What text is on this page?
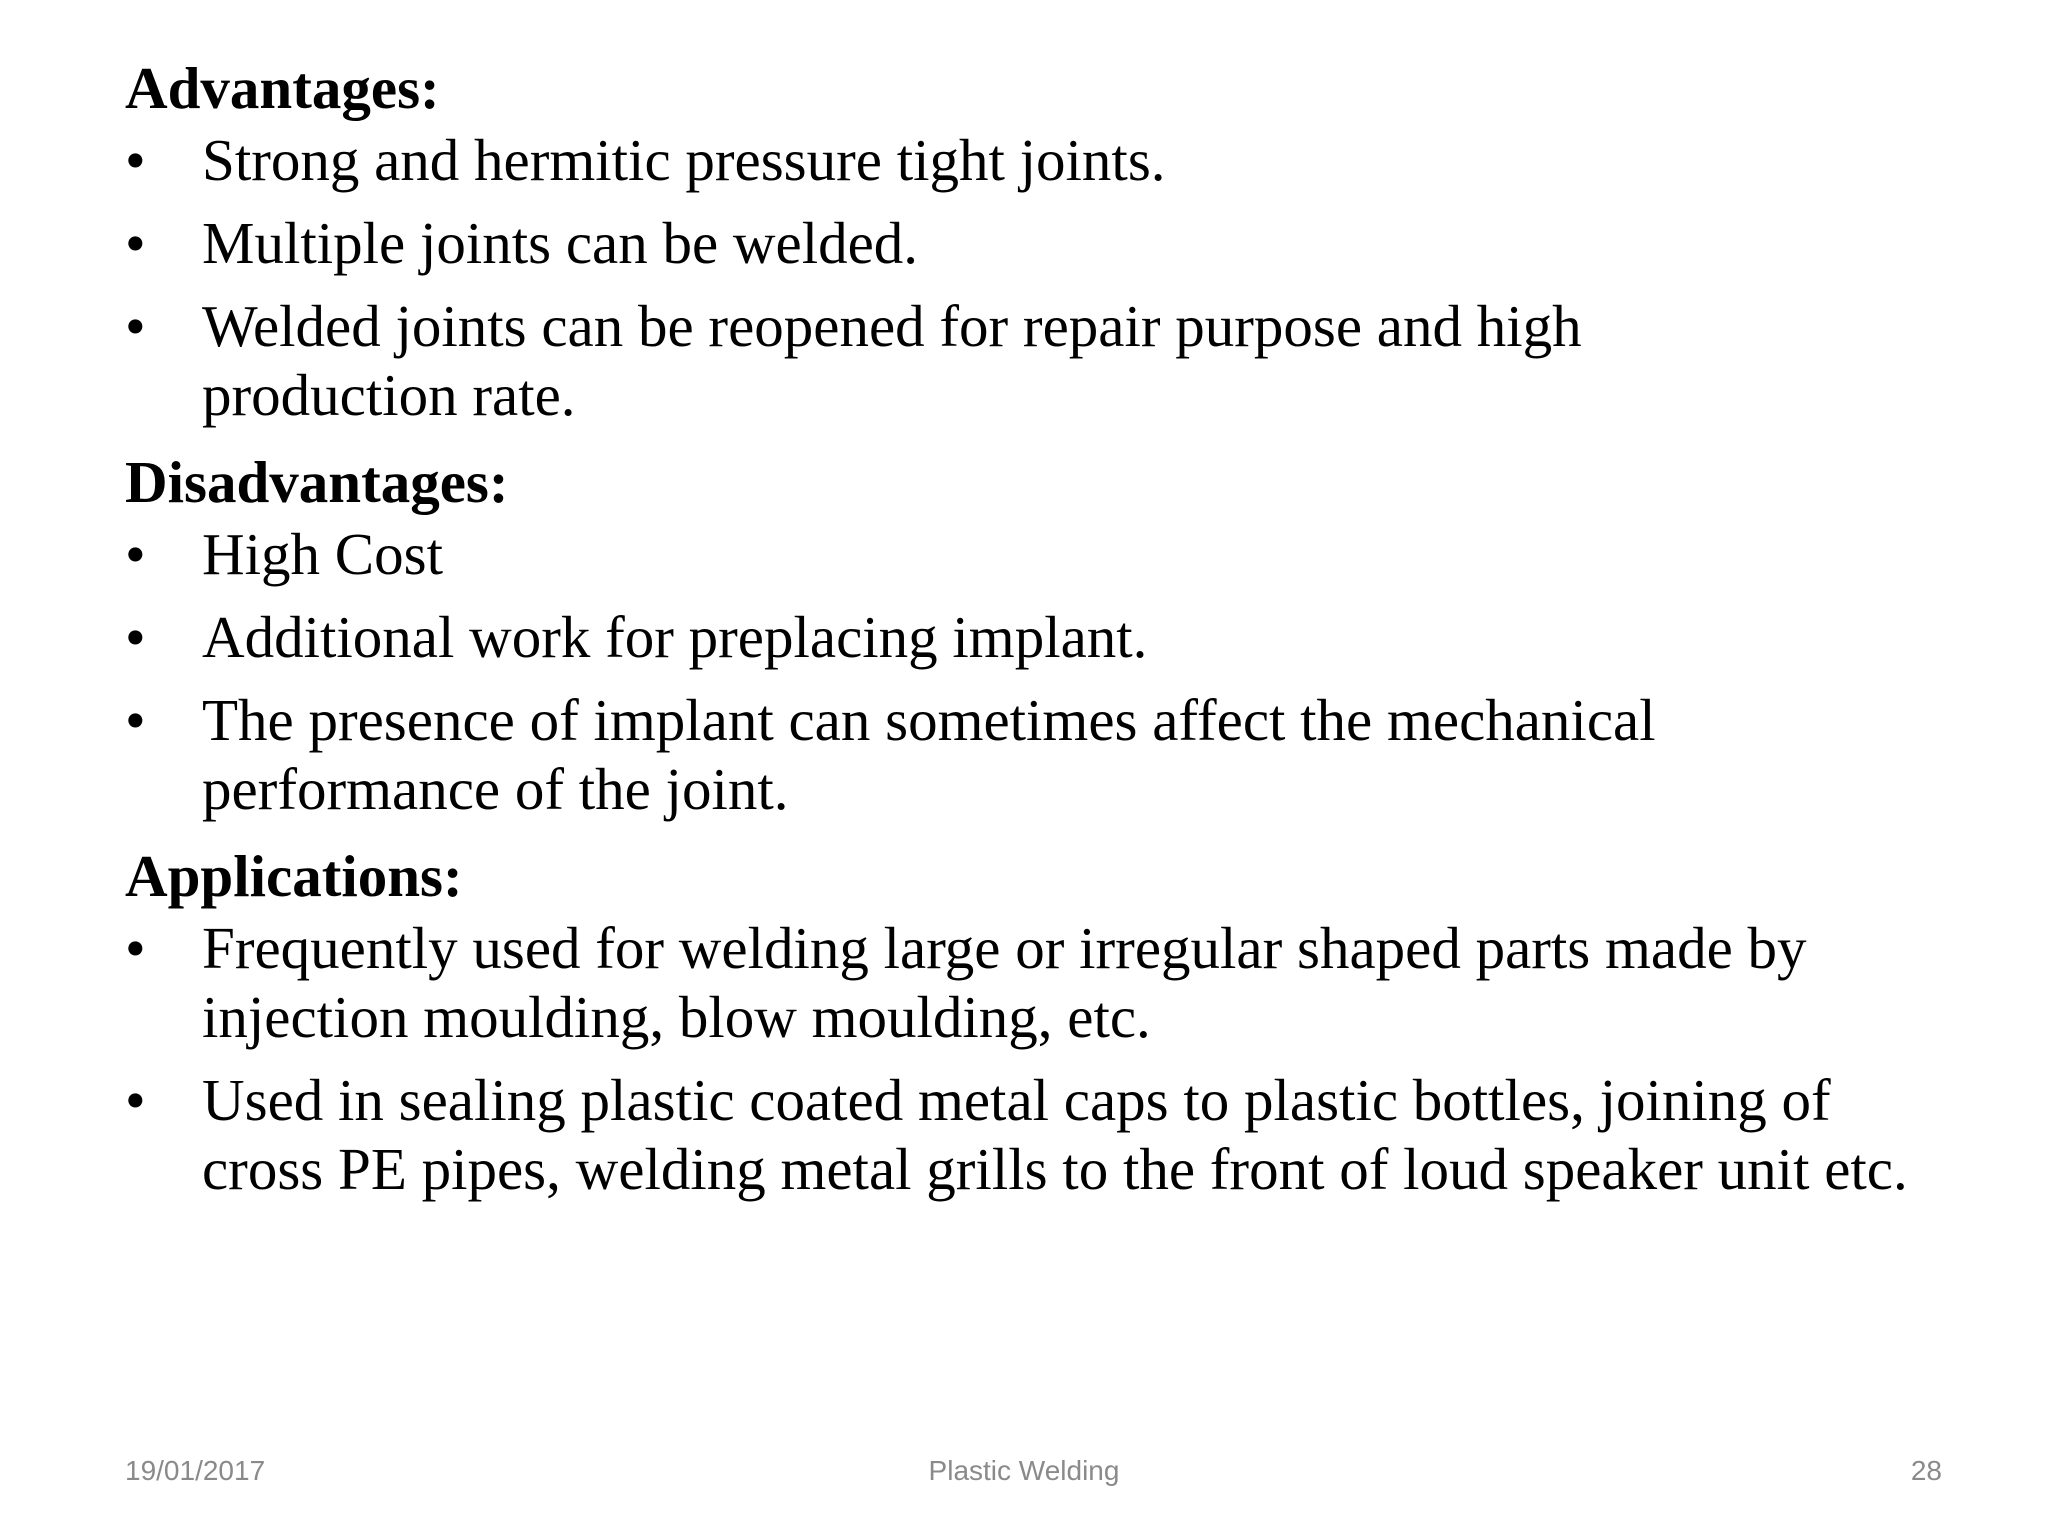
Advantages:
• Strong and hermitic pressure tight joints.
• Multiple joints can be welded.
• Welded joints can be reopened for repair purpose and high production rate.
Disadvantages:
• High Cost
• Additional work for preplacing implant.
• The presence of implant can sometimes affect the mechanical performance of the joint.
Applications:
• Frequently used for welding large or irregular shaped parts made by injection moulding, blow moulding, etc.
• Used in sealing plastic coated metal caps to plastic bottles, joining of cross PE pipes, welding metal grills to the front of loud speaker unit etc.
19/01/2017	Plastic Welding	28
